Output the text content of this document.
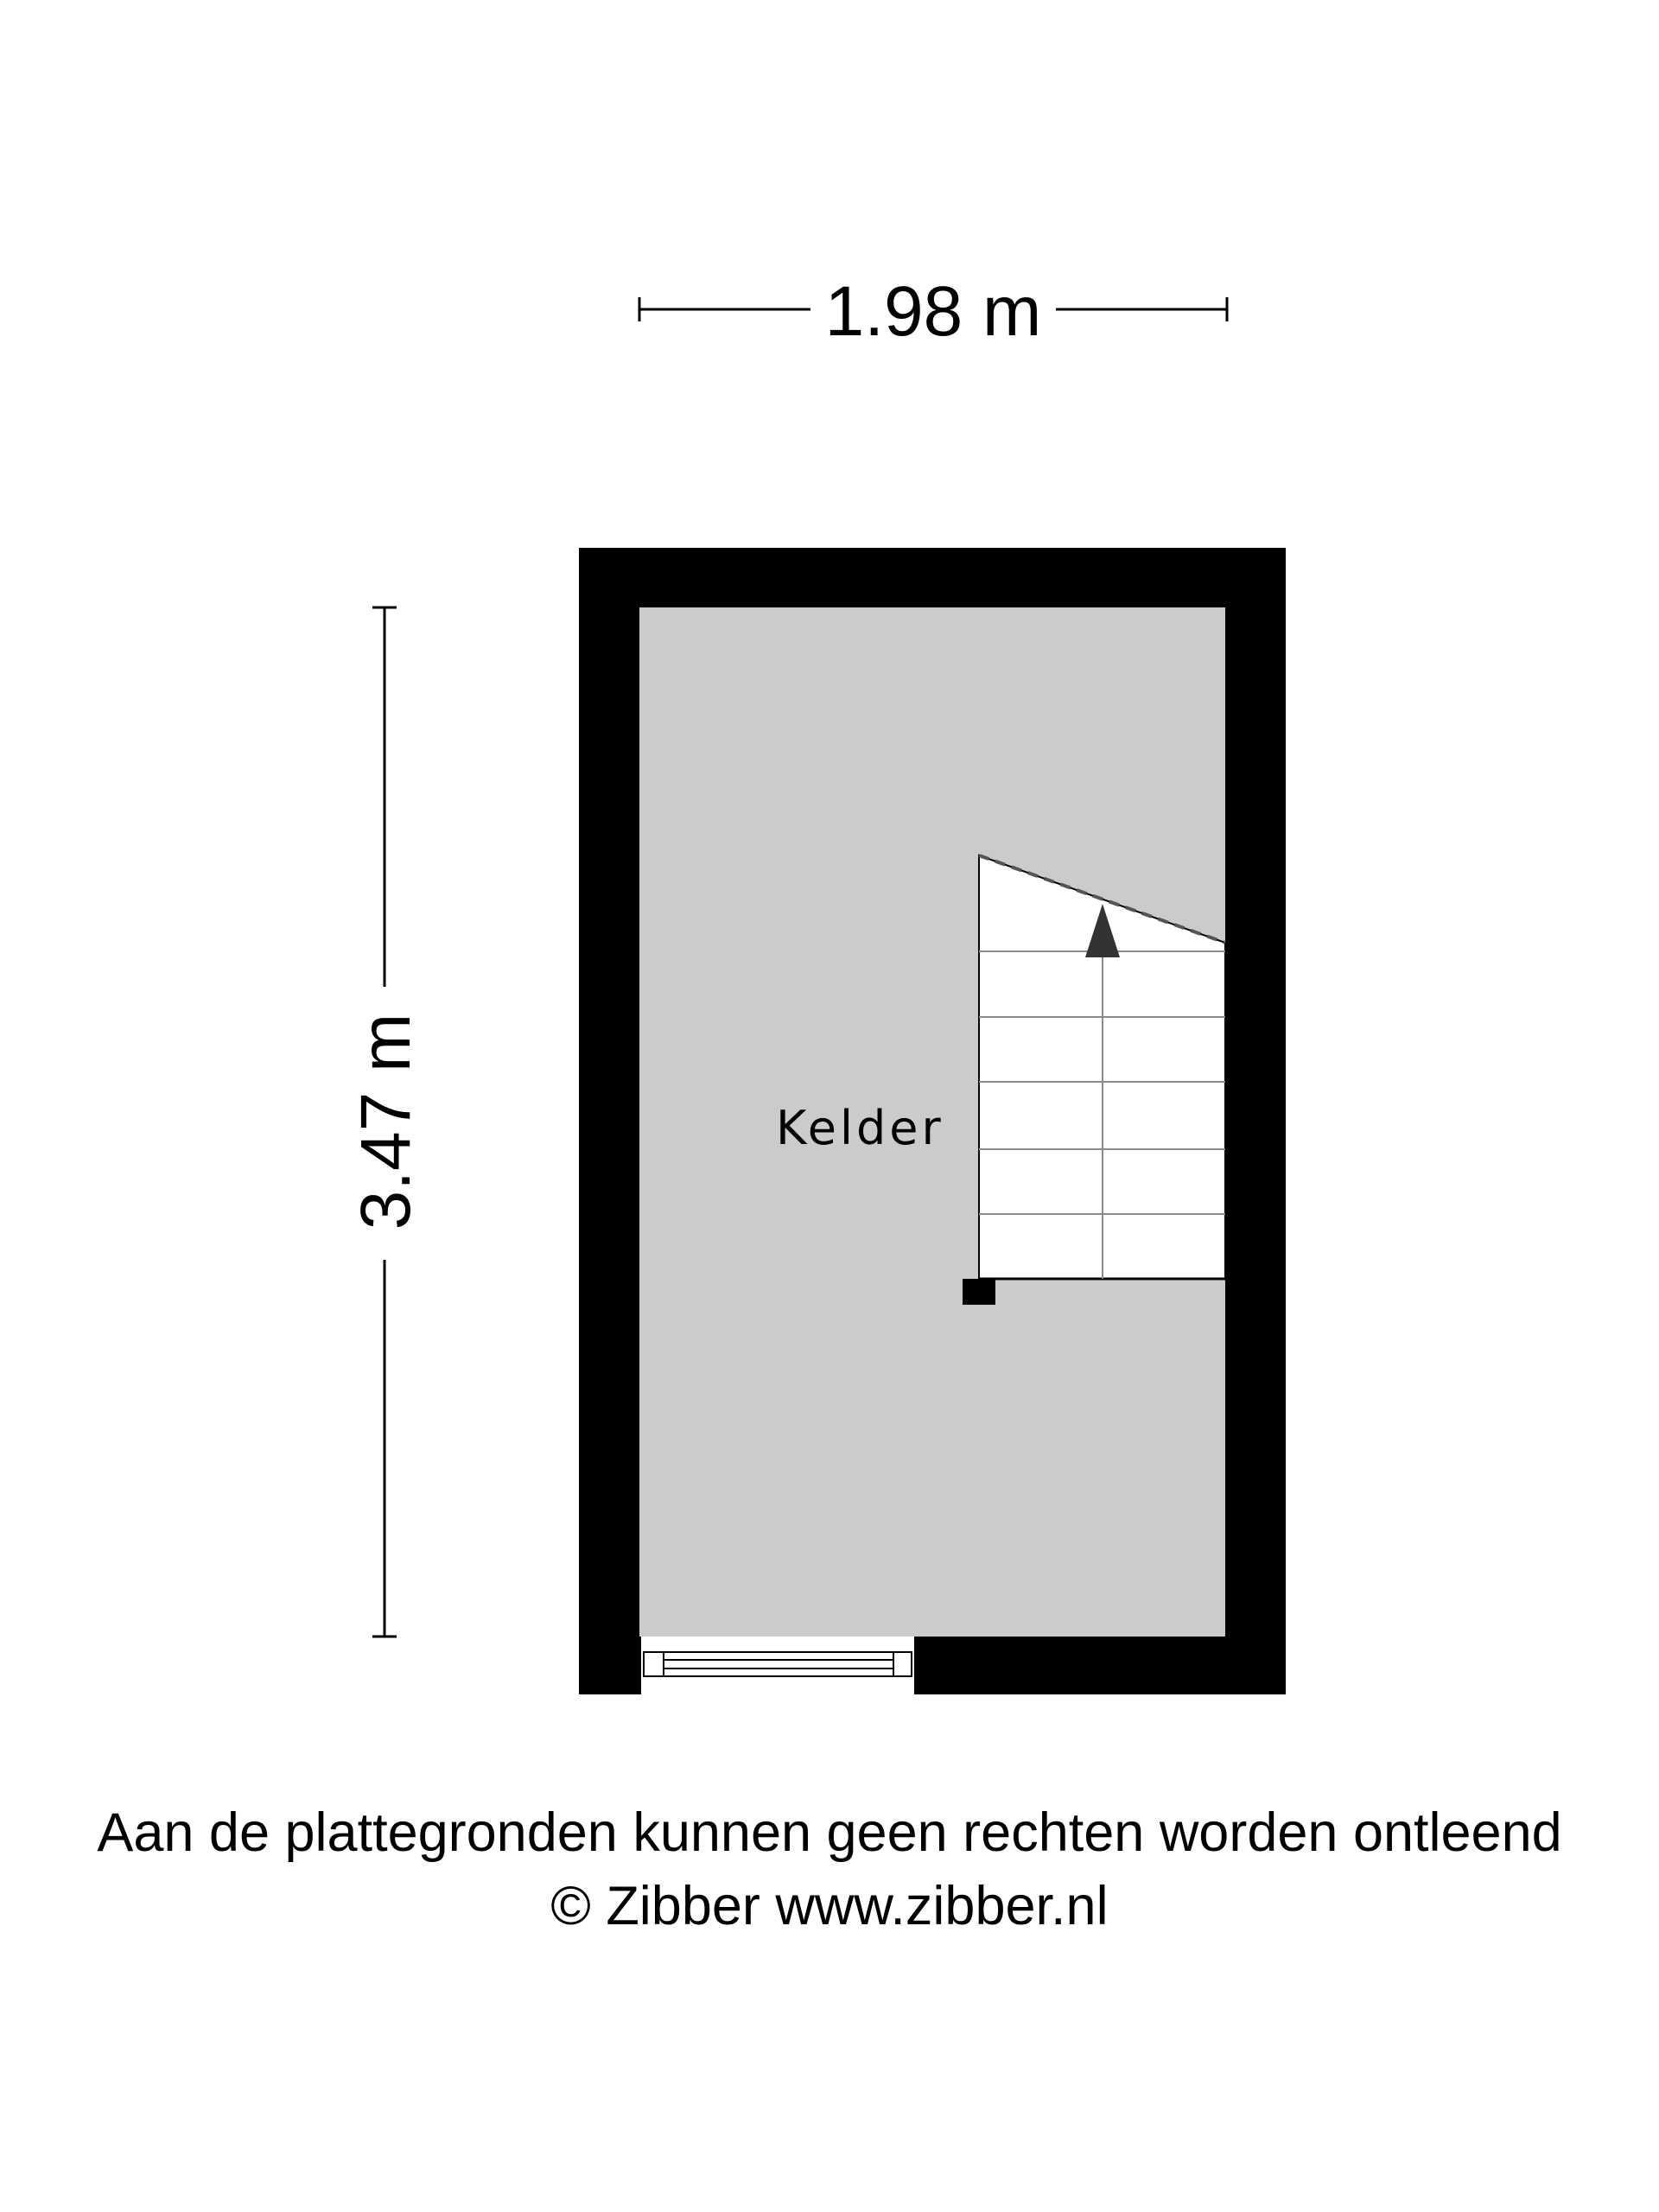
1.98 m
3.47 m	Kelder
Aan de plattegronden kunnen geen rechten worden ontleend
© Zibber www.zibber.nl
